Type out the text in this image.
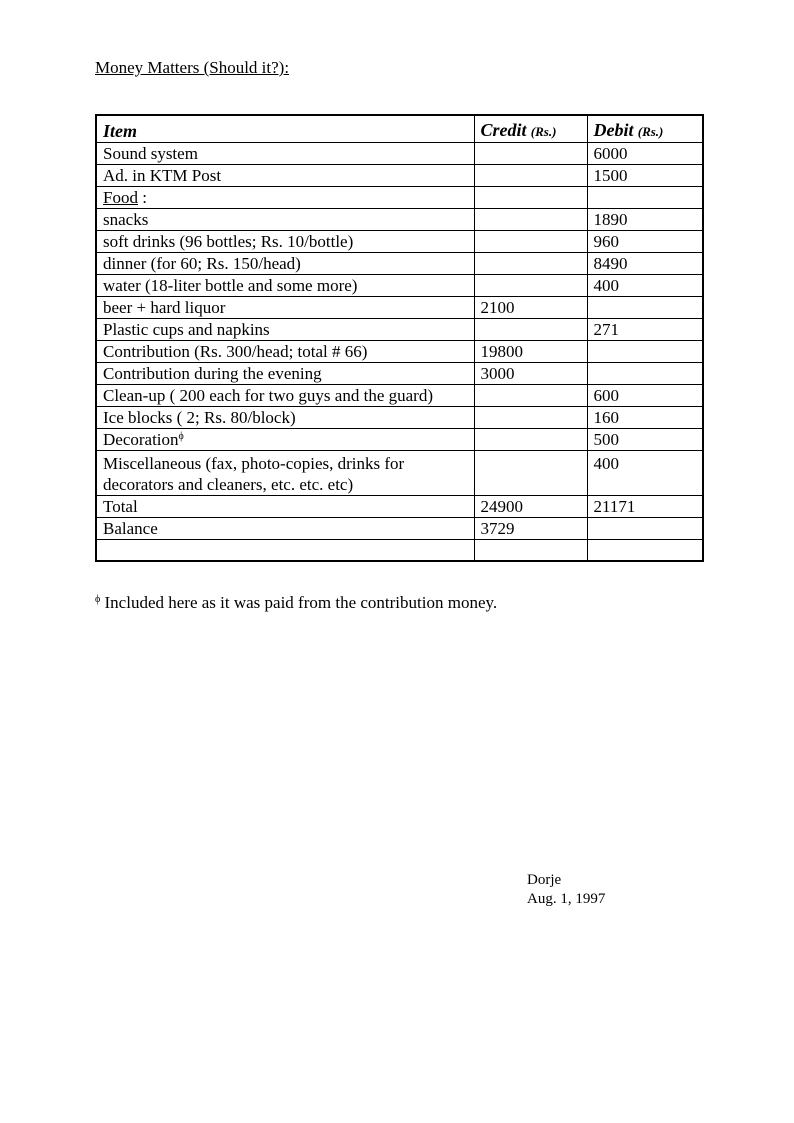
Money Matters (Should it?):
Item	Credit (Rs.)	Debit (Rs.)
Sound system		6000
Ad. in KTM Post		1500
Food :		
snacks		1890
soft drinks (96 bottles; Rs. 10/bottle)		960
dinner (for 60; Rs. 150/head)		8490
water (18-liter bottle and some more)		400
beer + hard liquor	2100	
Plastic cups and napkins		271
Contribution (Rs. 300/head; total # 66)	19800	
Contribution during the evening	3000	
Clean-up ( 200 each for two guys and the guard)		600
Ice blocks ( 2; Rs. 80/block)		160
Decoration$^\phi$		500

Miscellaneous (fax, photo-copies, drinks for
decorators and cleaners, etc. etc. etc)		400
Total	24900	21171
Balance	3729	

$^\phi$ Included here as it was paid from the contribution money.
Dorje
Aug. 1, 1997
